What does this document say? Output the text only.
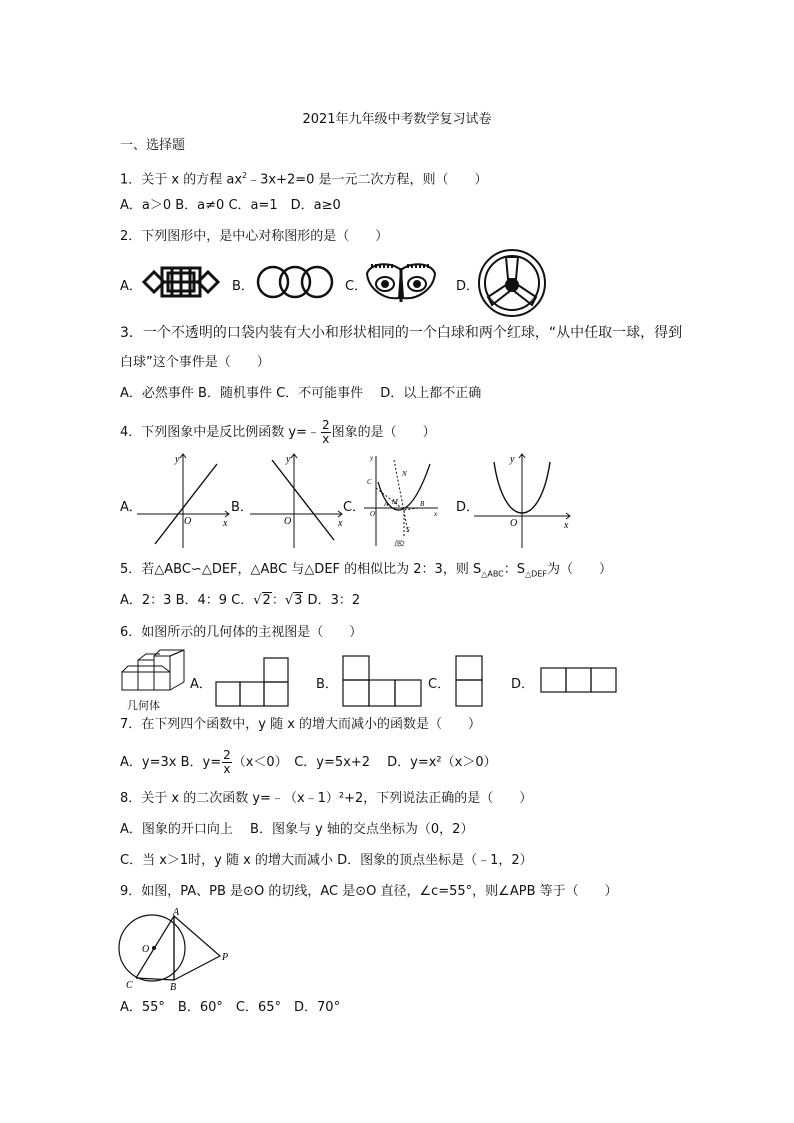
2021年九年级中考数学复习试卷
一、选择题
1．关于 x 的方程 $ax^2﹣3x+2=0$ 是一元二次方程，则（　　）
A．a＞0 B．a≠0 C．a=1　D．a≥0
2．下列图形中，是中心对称图形的是（　　）
A．	B．	C．	D．
3．一个不透明的口袋内装有大小和形状相同的一个白球和两个红球，“从中任取一球，得到
白球”这个事件是（　　）
A．必然事件 B．随机事件 C．不可能事件　 D．以上都不正确
4．下列图象中是反比例函数 y=﹣ $\frac{2}{x}$ 图象的是（　　）
A．
y
x
O
B．
y
x
O
C．
y
C
N
M
A	B
O	x
S
图2
D．
y
x
O
5．若△ABC∽△DEF，△ABC 与△DEF 的相似比为 2：3，则 $S_{\triangle ABC}$：$S_{\triangle DEF}$为（　　）
A．2：3 B．4：9 C．√2：√3 D．3：2
6．如图所示的几何体的主视图是（　　）
几何体
A．	B．	C．	D．
7．在下列四个函数中，y 随 x 的增大而减小的函数是（　　）
A．y=3x B．$y= \frac{2}{x} (x<0)$　C．y=5x+2　 D．y=x²（x＞0）
8．关于 x 的二次函数 y=﹣（x﹣1）²+2，下列说法正确的是（　　）
A．图象的开口向上　 B．图象与 y 轴的交点坐标为（0，2）
C．当 x＞1时，y 随 x 的增大而减小 D．图象的顶点坐标是（﹣1，2）
9．如图，PA、PB 是⊙O 的切线，AC 是⊙O 直径，∠c=55°，则∠APB 等于（　　）
A
O
P
C	B
A．55°　B．60°　C．65°　D．70°
